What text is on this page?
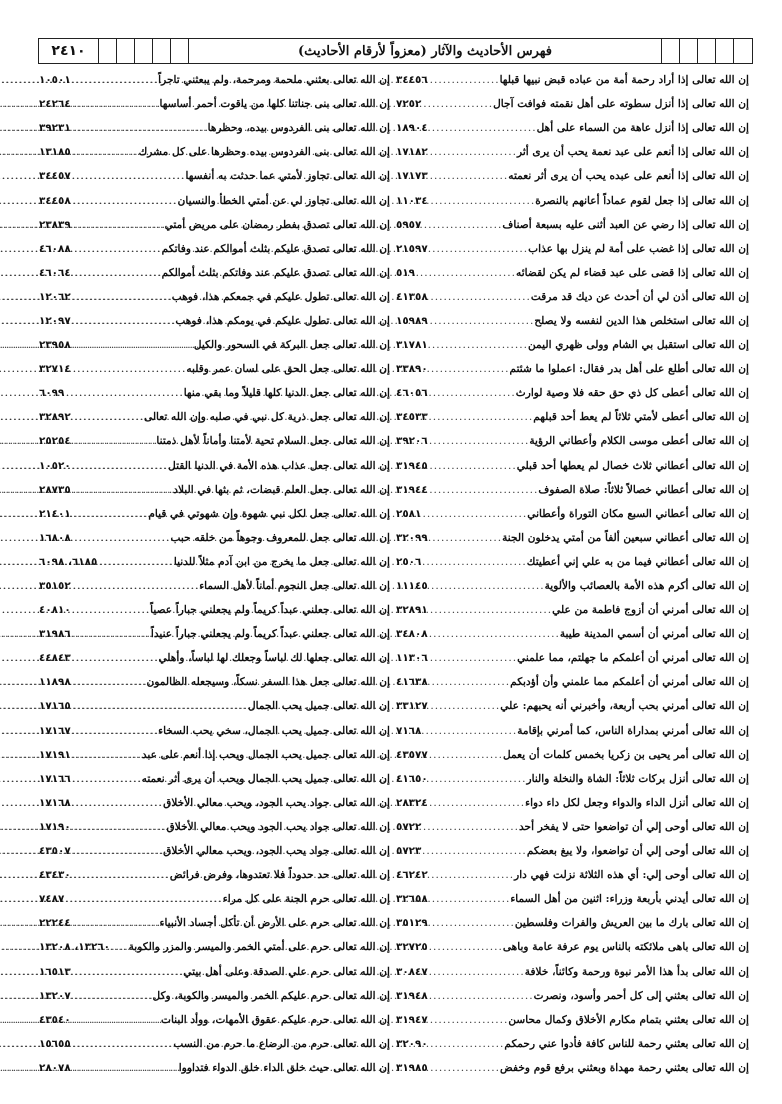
٢٤١٠	فهرس الأحاديث والآثار (معزواً لأرقام الأحاديث)
إن الله تعالى إذا أراد رحمة أمة من عباده قبض نبيها قبلها
.....
٣٤٤٥٦
إن الله تعالى إذا أنزل سطوته على أهل نقمته فوافت آجال
.....
٧٢٥٢
إن الله تعالى إذا أنزل عاهة من السماء على أهل
.....
١٨٩٠٤
إن الله تعالى إذا أنعم على عبد نعمة يحب أن يرى أثر
.....
١٧١٨٢
إن الله تعالى إذا أنعم على عبده يحب أن يرى أثر نعمته
.....
١٧١٧٣
إن الله تعالى إذا جعل لقوم عماداً أعانهم بالنصرة
.....
١١٠٣٤
إن الله تعالى إذا رضي عن العبد أثنى عليه بسبعة أصناف
.....
٥٩٥٧
إن الله تعالى إذا غضب على أمة لم ينزل بها عذاب
.....
٢١٥٩٧
إن الله تعالى إذا قضى على عبد قضاء لم يكن لقضائه
.....
٥١٩
إن الله تعالى أذن لي أن أحدث عن ديك قد مرقت
.....
٤١٣٥٨
إن الله تعالى استخلص هذا الدين لنفسه ولا يصلح
.....
١٥٩٨٩
إن الله تعالى استقبل بي الشام وولى ظهري اليمن
.....
٣١٧٨١
إن الله تعالى أطلع على أهل بدر فقال: اعملوا ما شئتم
.....
٣٣٨٩٠
إن الله تعالى أعطى كل ذي حق حقه فلا وصية لوارث
.....
٤٦٠٥٦
إن الله تعالى أعطى لأمتي ثلاثاً لم يعط أحد قبلهم
.....
٣٤٥٣٣
إن الله تعالى أعطى موسى الكلام وأعطاني الرؤية
.....
٣٩٢٠٦
إن الله تعالى أعطاني ثلاث خصال لم يعطها أحد قبلي
.....
٣١٩٤٥
إن الله تعالى أعطاني خصالاً ثلاثاً: صلاة الصفوف
.....
٣١٩٤٤
إن الله تعالى أعطاني السبع مكان التوراة وأعطاني
.....
٢٥٨١
إن الله تعالى أعطاني سبعين ألفاً من أمتي يدخلون الجنة
.....
٣٢٠٩٩
إن الله تعالى أعطاني فيما من به علي إني أعطيتك
.....
٢٥٠٦
إن الله تعالى أكرم هذه الأمة بالعصائب والألوية
.....
١١١٤٥
إن الله تعالى أمرني أن أزوج فاطمة من علي
.....
٣٢٨٩١
إن الله تعالى أمرني أن أسمي المدينة طيبة
.....
٣٤٨٠٨
إن الله تعالى أمرني أن أعلمكم ما جهلتم، مما علمني
.....
١١٣٠٦
إن الله تعالى أمرني أن أعلمكم مما علمني وأن أؤدبكم
.....
٤١٦٣٨
إن الله تعالى أمرني بحب أربعة، وأخبرني أنه يحبهم: علي
.....
٣٣١٢٧
إن الله تعالى أمرني بمداراة الناس، كما أمرني بإقامة
.....
٧١٦٨
إن الله تعالى أمر يحيى بن زكريا بخمس كلمات أن يعمل
.....
٤٣٥٧٧
إن الله تعالى أنزل بركات ثلاثاً: الشاة والنخلة والنار
.....
٤١٦٥٠
إن الله تعالى أنزل الداء والدواء وجعل لكل داء دواء
.....
٢٨٣٢٤
إن الله تعالى أوحى إلي أن تواضعوا حتى لا يفخر أحد
.....
٥٧٢٢
إن الله تعالى أوحى إلي أن تواضعوا، ولا يبغ بعضكم
.....
٥٧٢٣
إن الله تعالى أوحى إلي: أي هذه الثلاثة نزلت فهي دار
.....
٤٦٢٤٢
إن الله تعالى أيدني بأربعة وزراء: اثنين من أهل السماء
.....
٣٢٦٥٨
إن الله تعالى بارك ما بين العريش والفرات وفلسطين
.....
٣٥١٢٩
إن الله تعالى باهى ملائكته بالناس يوم عرفة عامة وباهى
.....
٣٢٧٢٥
إن الله تعالى بدأ هذا الأمر نبوة ورحمة وكائناً، خلافة
.....
٣٠٨٤٧
إن الله تعالى بعثني إلى كل أحمر وأسود، ونصرت
.....
٣١٩٤٨
إن الله تعالى بعثني بتمام مكارم الأخلاق وكمال محاسن
.....
٣١٩٤٧
إن الله تعالى بعثني رحمة للناس كافة فأدوا عني رحمكم
.....
٣٢٠٩٠
إن الله تعالى بعثني رحمة مهداة وبعثني برفع قوم وخفض
.....
٣١٩٨٥
إن الله تعالى بعثني ملحمة ومرحمة، ولم يبعثني تاجراً
.....
١٠٥٠١
إن الله تعالى بنى جناتنا كلها من ياقوت أحمر أساسها
.....
٢٤٢٦٤
إن الله تعالى بنى الفردوس بيده، وحظرها
.....
٣٩٢٣١
إن الله تعالى بنى الفردوس بيده وحظرها على كل مشرك
.....
١٣١٨٥
إن الله تعالى تجاوز لأمتي عما حدثت به أنفسها
.....
٣٤٤٥٧
إن الله تعالى تجاوز لي عن أمتي الخطأ والنسيان
.....
٣٤٤٥٨
إن الله تعالى تصدق بفطر رمضان على مريض أمتي
.....
٢٣٨٣٩
إن الله تعالى تصدق عليكم بثلث أموالكم عند وفاتكم
.....
٤٦٠٨٨
إن الله تعالى تصدق عليكم عند وفاتكم بثلث أموالكم
.....
٤٦٠٦٤
إن الله تعالى تطول عليكم في جمعكم هذا، فوهب
.....
١٢٠٦٢
إن الله تعالى تطول عليكم في يومكم هذا، فوهب
.....
١٢٠٩٧
إن الله تعالى جعل البركة في السحور والكيل
.....
٢٣٩٥٨
إن الله تعالى جعل الحق على لسان عمر وقلبه
.....
٣٢٧١٤
إن الله تعالى جعل الدنيا كلها قليلاً وما بقي منها
.....
٦٠٩٩
إن الله تعالى جعل ذرية كل نبي في صلبه وإن الله تعالى
.....
٣٢٨٩٢
إن الله تعالى جعل السلام تحية لأمتنا وأماناً لأهل ذمتنا
.....
٢٥٢٥٤
إن الله تعالى جعل عذاب هذه الأمة في الدنيا القتل
.....
١٠٥٢٠
إن الله تعالى جعل العلم قبضات، ثم بثها في البلاد
.....
٢٨٧٣٥
إن الله تعالى جعل لكل نبي شهوة وإن شهوتي في قيام
.....
٢١٤٠١
إن الله تعالى جعل للمعروف وجوهاً من خلقه حبب
.....
١٦٨٠٨
إن الله تعالى جعل ما يخرج من ابن آدم مثلاً للدنيا
.....
٦١٨٥، ٦٠٩٨
إن الله تعالى جعل النجوم أماناً لأهل السماء
.....
٣٥١٥٢
إن الله تعالى جعلني عبداً كريماً ولم يجعلني جباراً عصياً
.....
٤٠٨١٠
إن الله تعالى جعلني عبداً كريماً ولم يجعلني جباراً عنيداً
.....
٣١٩٨٦
إن الله تعالى جعلها لك لباساً وجعلك لها لباساً، وأهلي
.....
٤٤٨٤٣
إن الله تعالى جعل هذا السفر نسكاً، وسيجعله الظالمون
.....
١١٨٩٨
إن الله تعالى جميل يحب الجمال
.....
١٧١٦٥
إن الله تعالى جميل يحب الجمال، سخي يحب السخاء
.....
١٧١٦٧
إن الله تعالى جميل يحب الجمال ويحب إذا أنعم على عبد
.....
١٧١٩١
إن الله تعالى جميل يحب الجمال ويحب أن يرى أثر نعمته
.....
١٧١٦٦
إن الله تعالى جواد يحب الجود، ويحب معالي الأخلاق
.....
١٧١٦٨
إن الله تعالى جواد يحب الجود ويحب معالي الأخلاق
.....
١٧١٩٠
إن الله تعالى جواد يحب الجود، ويحب معالي الأخلاق
.....
٤٣٥٠٧
إن الله تعالى حد حدوداً فلا تعتدوها، وفرض فرائض
.....
٤٣٤٣٠
إن الله تعالى حرم الجنة على كل مراء
.....
٧٤٨٧
إن الله تعالى حرم على الأرض أن تأكل أجساد الأنبياء
.....
٢٢٢٤٤
إن الله تعالى حرم على أمتي الخمر والميسر والمزر والكوبة
.....
١٣٢٦٠، ١٣٢٠٨
إن الله تعالى حرم علي الصدقة وعلى أهل بيتي
.....
١٦٥١٣
إن الله تعالى حرم عليكم الخمر والميسر والكوبة، وكل
.....
١٣٢٠٧
إن الله تعالى حرم عليكم عقوق الأمهات، ووأد البنات
.....
٤٣٥٤٠
إن الله تعالى حرم من الرضاع ما حرم من النسب
.....
١٥٦٥٥
إن الله تعالى حيث خلق الداء خلق الدواء فتداووا
.....
٢٨٠٧٨
